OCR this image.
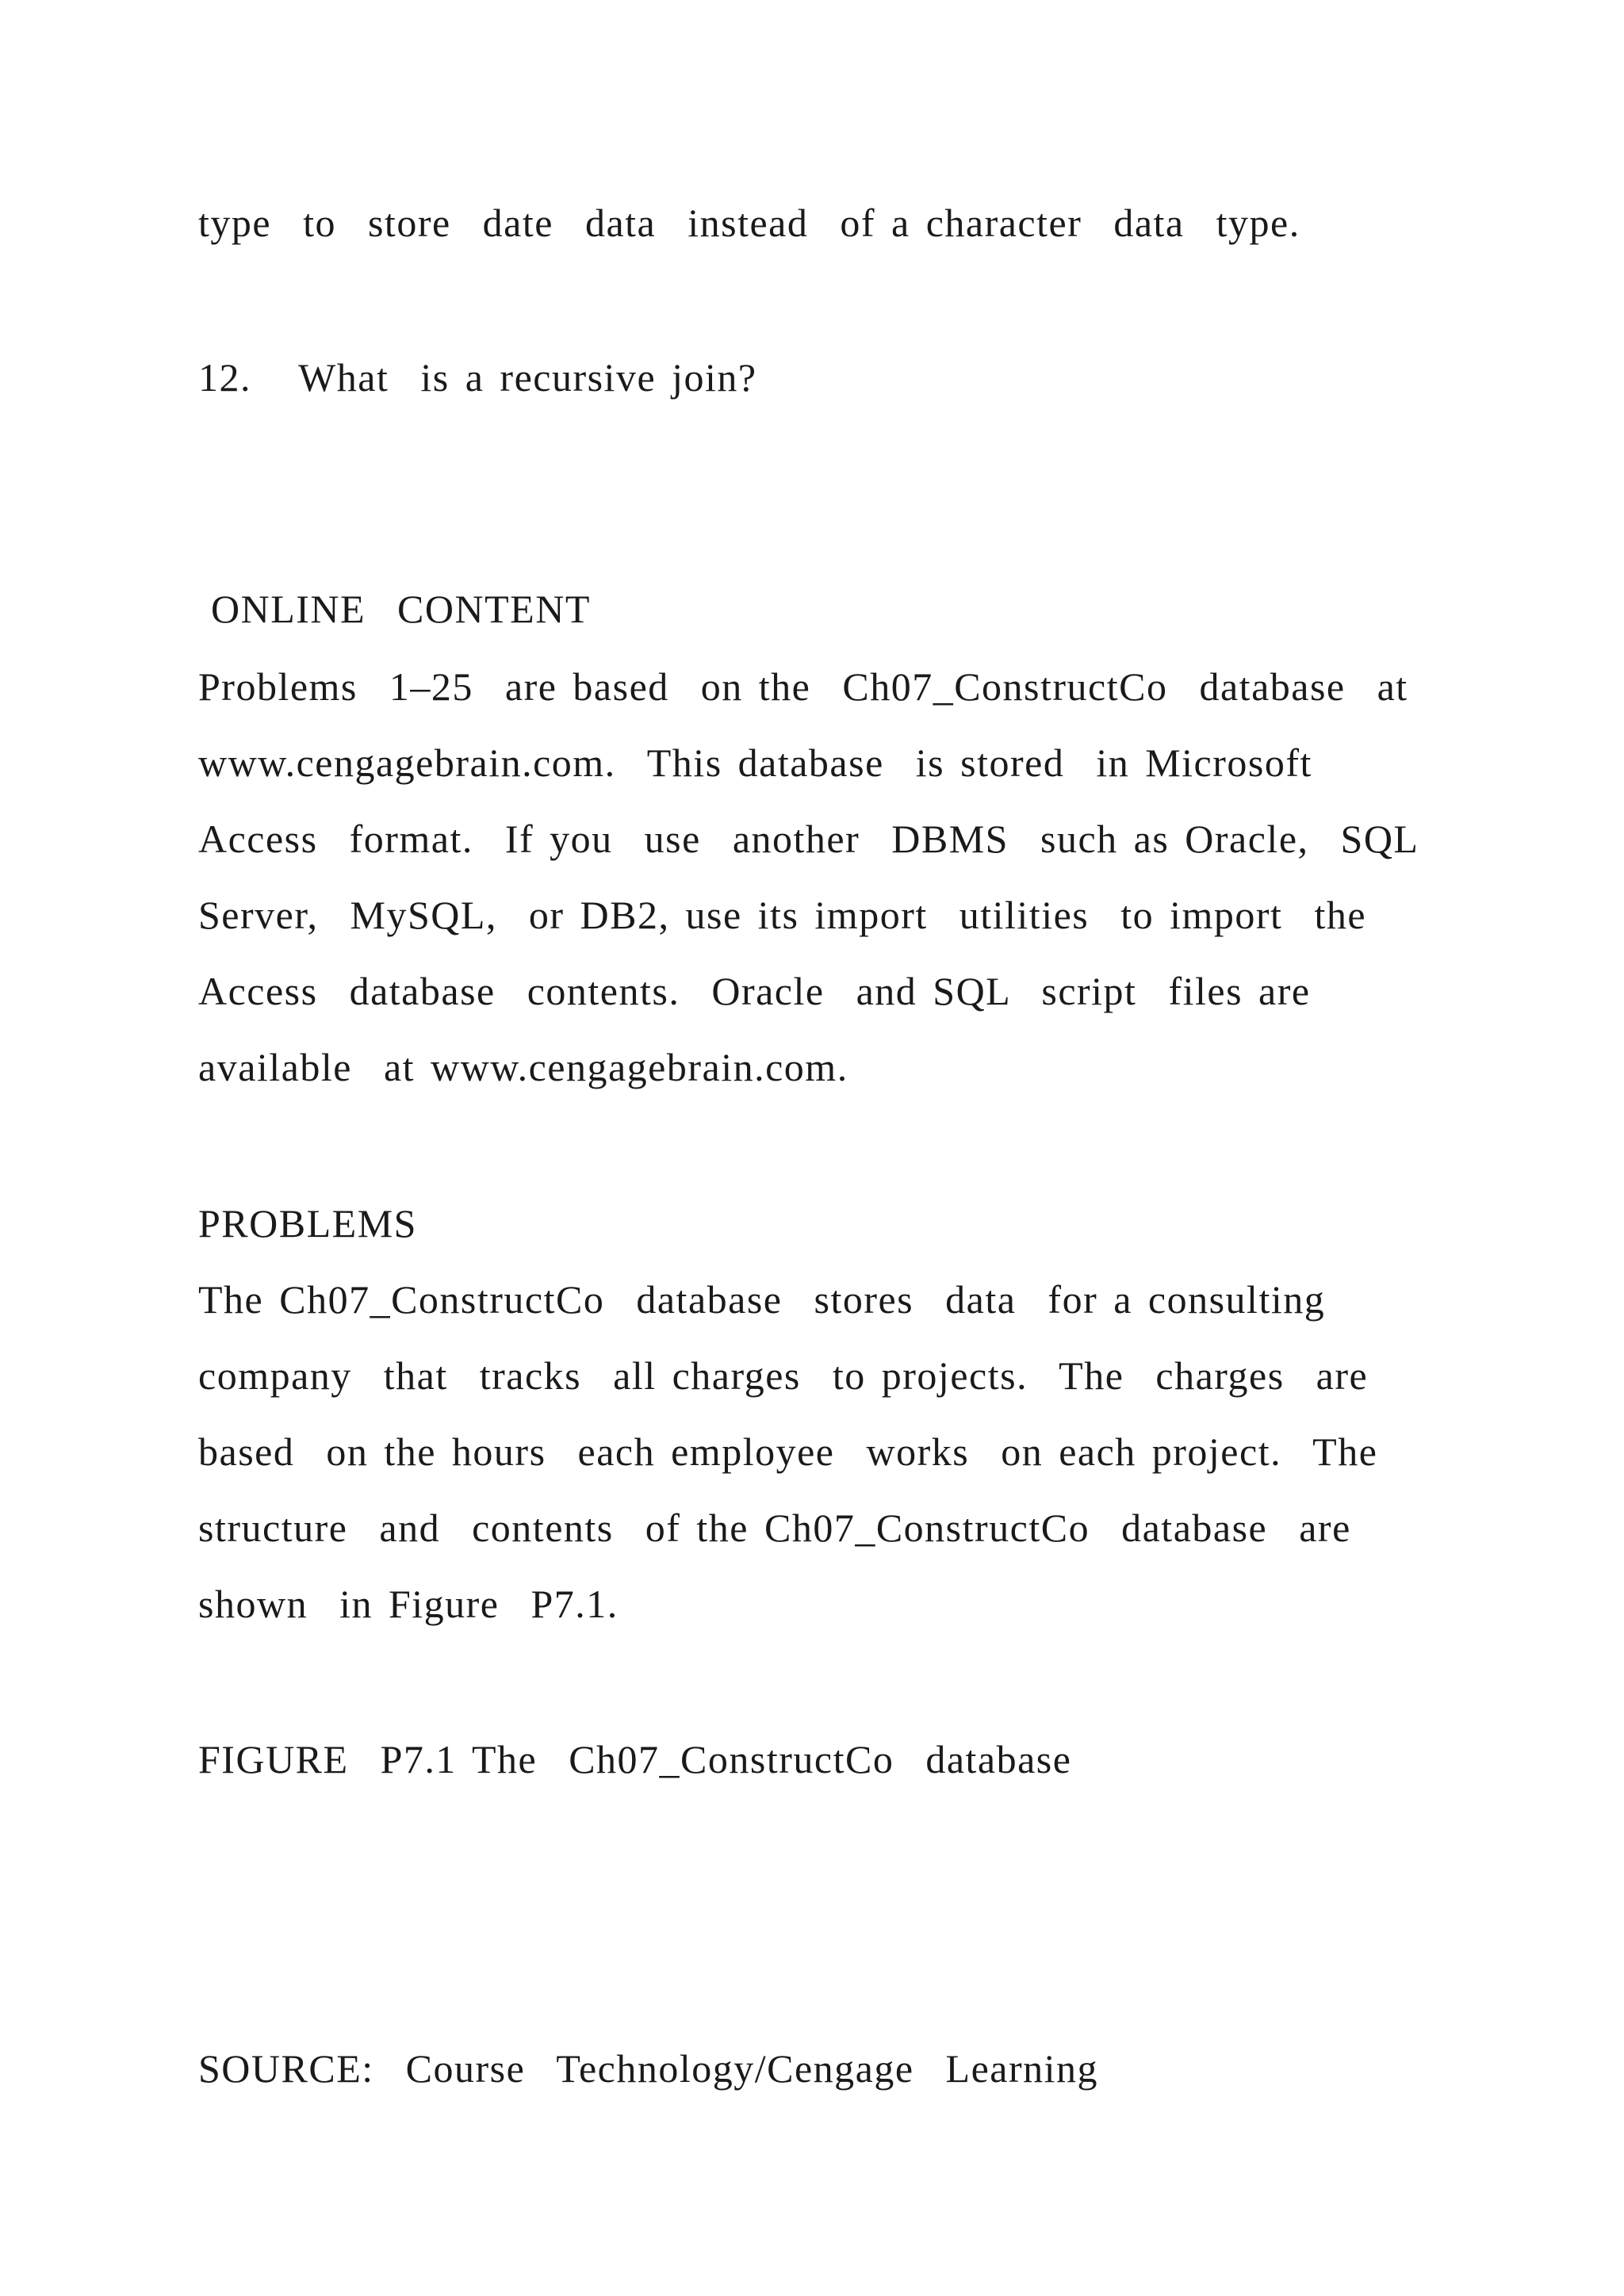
type  to  store  date  data  instead  of a character  data  type.
12.   What  is a recursive join?
ONLINE  CONTENT
Problems  1–25  are based  on the  Ch07_ConstructCo  database  at
www.cengagebrain.com.  This database  is stored  in Microsoft
Access  format.  If you  use  another  DBMS  such as Oracle,  SQL
Server,  MySQL,  or DB2, use its import  utilities  to import  the
Access  database  contents.  Oracle  and SQL  script  files are
available  at www.cengagebrain.com.
PROBLEMS
The Ch07_ConstructCo  database  stores  data  for a consulting
company  that  tracks  all charges  to projects.  The  charges  are
based  on the hours  each employee  works  on each project.  The
structure  and  contents  of the Ch07_ConstructCo  database  are
shown  in Figure  P7.1.
FIGURE  P7.1 The  Ch07_ConstructCo  database
SOURCE:  Course  Technology/Cengage  Learning
